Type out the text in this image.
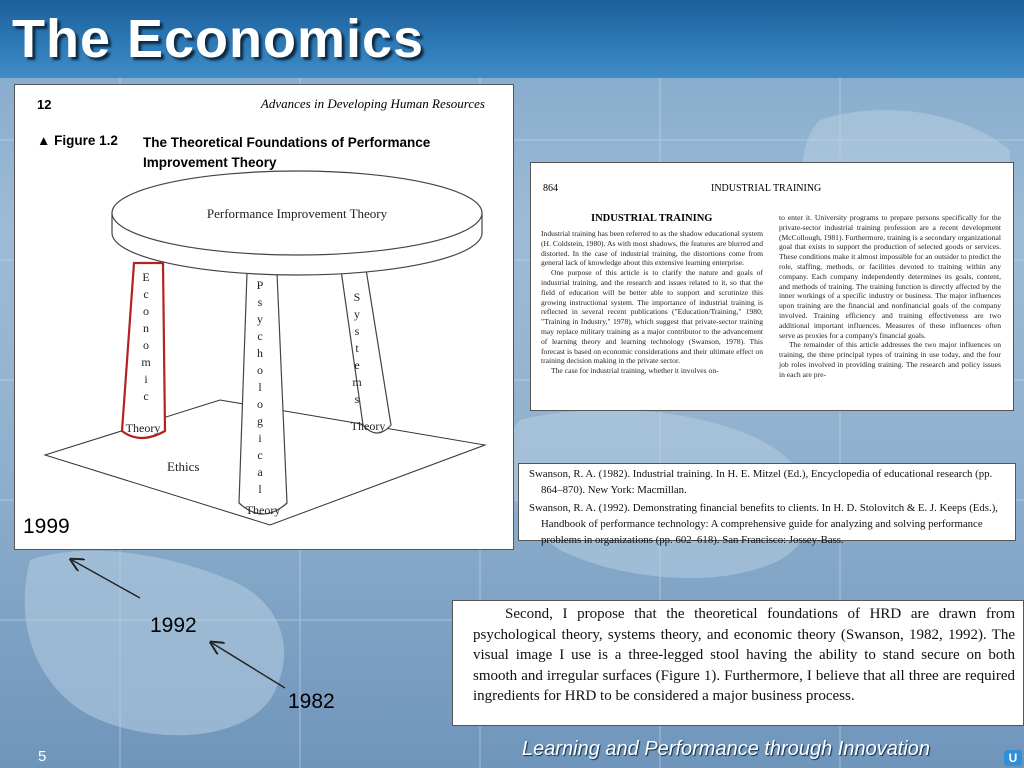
The Economics
12	Advances in Developing Human Resources
▲ Figure 1.2 The Theoretical Foundations of Performance Improvement Theory
Ethics
Performance Improvement Theory
E c o n o m i c
Theory
P s y c h o l o g i c a l
Theory
S y s t e m s
Theory
1999
1992
1982
864	INDUSTRIAL TRAINING
INDUSTRIAL TRAINING

Industrial training has been referred to as the shadow educational system (H. Coldstein, 1980). As with most shadows, the features are blurred and distorted. In the case of industrial training, the distortions come from general lack of knowledge about this extensive learning enterprise.

One purpose of this article is to clarify the nature and goals of industrial training, and the research and issues related to it, so that the field of education will be better able to support and scrutinize this growing instructional system. The importance of industrial training is reflected in several recent publications ("Education/Training," 1980; "Training in Industry," 1978), which suggest that private-sector training may replace military training as a major contributor to the advancement of learning theory and learning technology (Swanson, 1978). This forecast is based on economic considerations and their ultimate effect on training decision making in the private sector.

The case for industrial training, whether it involves on-

to enter it. University programs to prepare persons specifically for the private-sector industrial training profession are a recent development (McCollough, 1981). Furthermore, training is a secondary organizational goal that exists to support the production of selected goods or services. These conditions make it almost impossible for an outsider to predict the role, staffing, methods, or facilities devoted to training within any company. Each company independently determines its goals, content, and methods of training. The training function is directly affected by the inner workings of a specific industry or business. The major influences upon training are the financial and nonfinancial goals of the company involved. Training efficiency and training effectiveness are two additional important influences. Measures of these influences often serve as proxies for a company's financial goals.

The remainder of this article addresses the two major influences on training, the three principal types of training in use today, and the four job roles involved in providing training. The research and policy issues in each are pre-

Swanson, R. A. (1982). Industrial training. In H. E. Mitzel (Ed.), Encyclopedia of educational research (pp. 864–870). New York: Macmillan.
Swanson, R. A. (1992). Demonstrating financial benefits to clients. In H. D. Stolovitch & E. J. Keeps (Eds.), Handbook of performance technology: A comprehensive guide for analyzing and solving performance problems in organizations (pp. 602–618). San Francisco: Jossey-Bass.

Second, I propose that the theoretical foundations of HRD are drawn from psychological theory, systems theory, and economic theory (Swanson, 1982, 1992). The visual image I use is a three-legged stool having the ability to stand secure on both smooth and irregular surfaces (Figure 1). Furthermore, I believe that all three are required ingredients for HRD to be considered a major business process.

5	Learning and Performance through Innovation	U
